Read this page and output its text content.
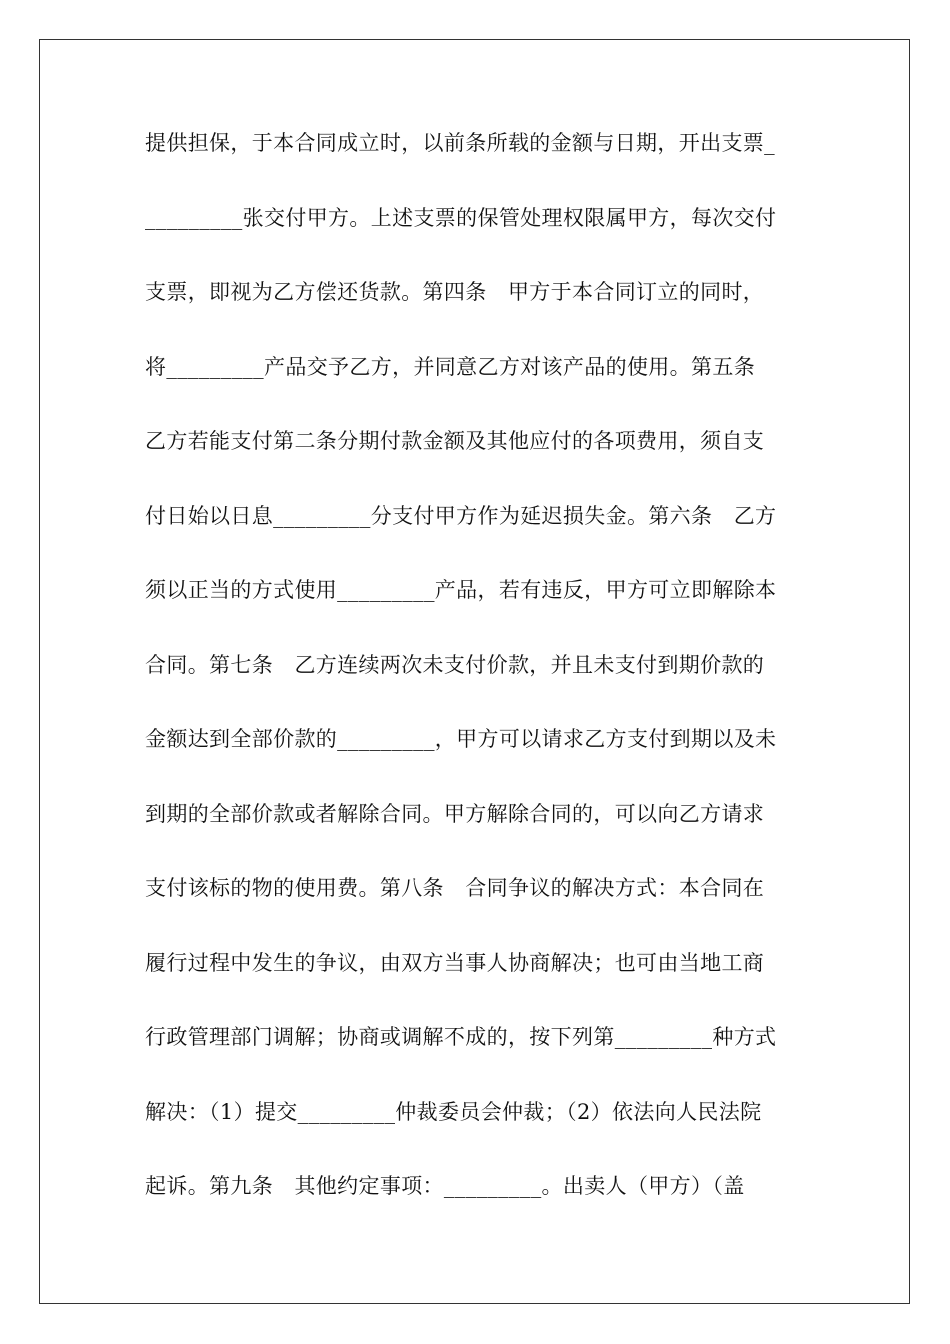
提供担保，于本合同成立时，以前条所载的金额与日期，开出支票_
_________张交付甲方。上述支票的保管处理权限属甲方，每次交付
支票，即视为乙方偿还货款。第四条　甲方于本合同订立的同时，
将_________产品交予乙方，并同意乙方对该产品的使用。第五条
乙方若能支付第二条分期付款金额及其他应付的各项费用，须自支
付日始以日息_________分支付甲方作为延迟损失金。第六条　乙方
须以正当的方式使用_________产品，若有违反，甲方可立即解除本
合同。第七条　乙方连续两次未支付价款，并且未支付到期价款的
金额达到全部价款的_________，甲方可以请求乙方支付到期以及未
到期的全部价款或者解除合同。甲方解除合同的，可以向乙方请求
支付该标的物的使用费。第八条　合同争议的解决方式：本合同在
履行过程中发生的争议，由双方当事人协商解决；也可由当地工商
行政管理部门调解；协商或调解不成的，按下列第_________种方式
解决：（1）提交_________仲裁委员会仲裁；（2）依法向人民法院
起诉。第九条　其他约定事项：_________。出卖人（甲方）（盖
